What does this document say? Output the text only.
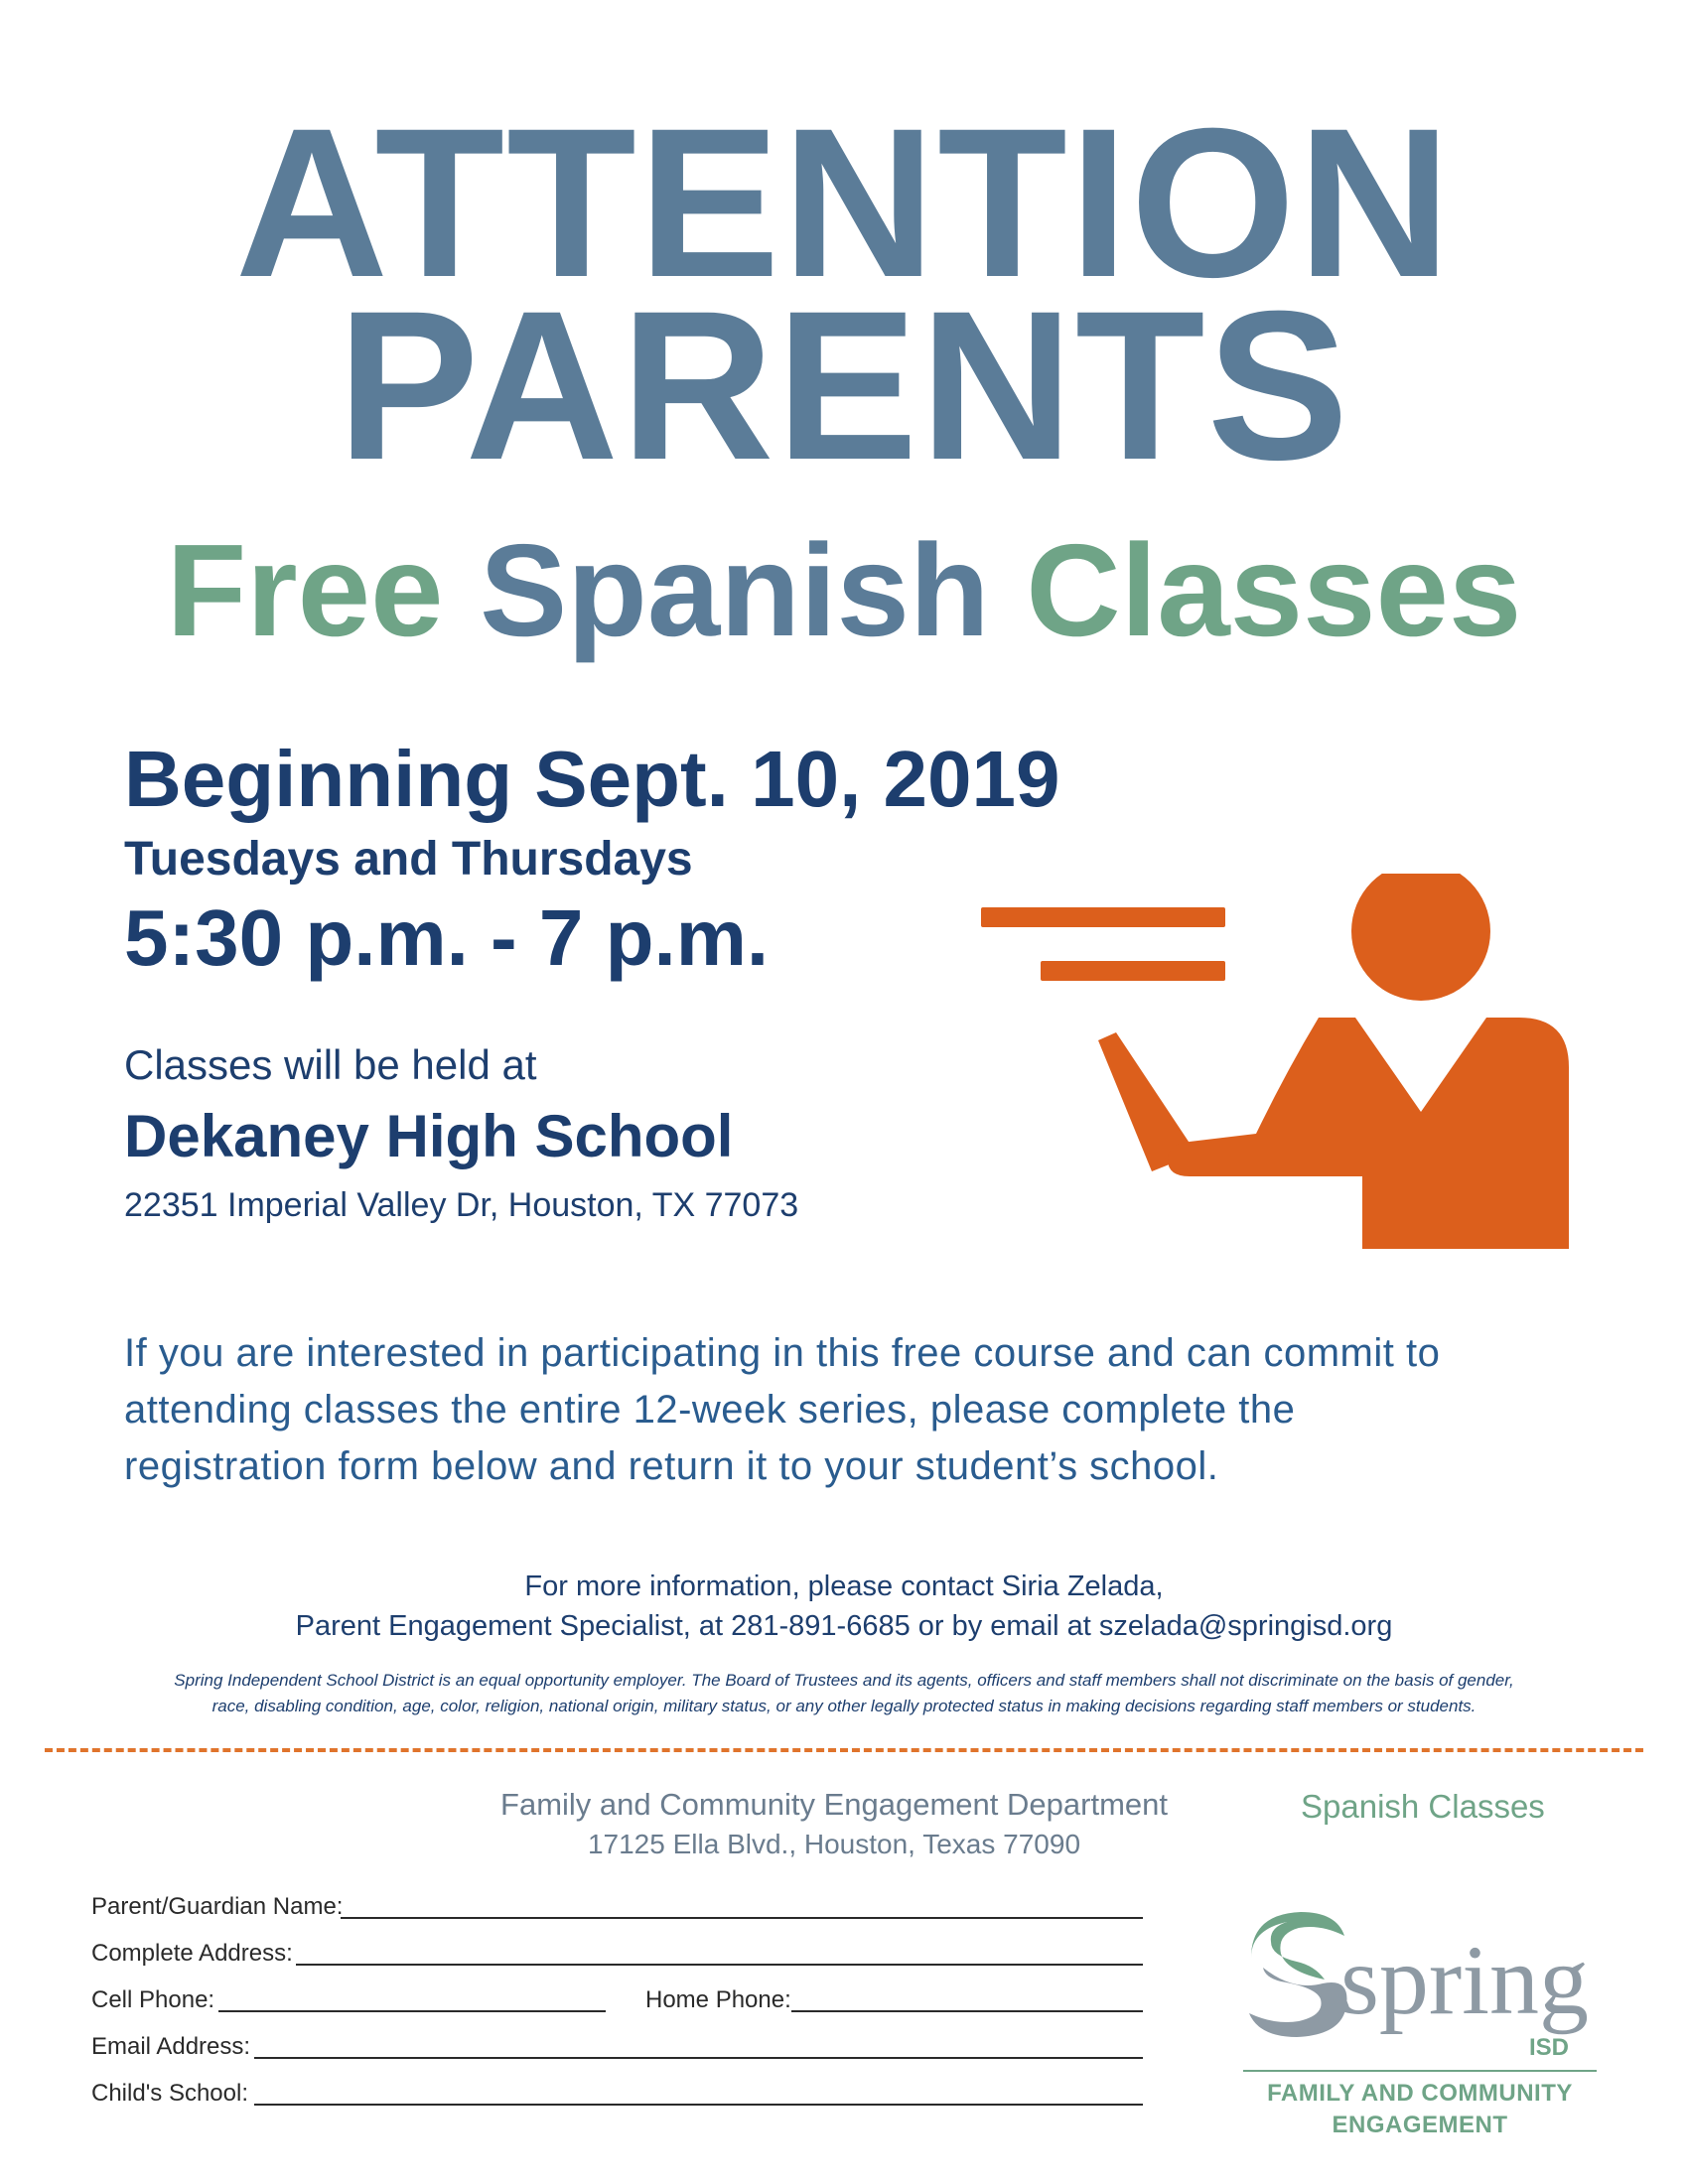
ATTENTION
PARENTS
Free Spanish Classes
Beginning Sept. 10, 2019
Tuesdays and Thursdays
5:30 p.m. - 7 p.m.
Classes will be held at
Dekaney High School
22351 Imperial Valley Dr, Houston, TX 77073
If you are interested in participating in this free course and can commit to
attending classes the entire 12-week series, please complete the
registration form below and return it to your student’s school.
For more information, please contact Siria Zelada,
Parent Engagement Specialist, at 281-891-6685 or by email at szelada@springisd.org
Spring Independent School District is an equal opportunity employer. The Board of Trustees and its agents, officers and staff members shall not discriminate on the basis of gender,
race, disabling condition, age, color, religion, national origin, military status, or any other legally protected status in making decisions regarding staff members or students.
Family and Community Engagement Department
17125 Ella Blvd., Houston, Texas 77090
Spanish Classes
Parent/Guardian Name:
Complete Address:
Cell Phone:	Home Phone:
Email Address:
Child's School:
spring
ISD
FAMILY AND COMMUNITY
ENGAGEMENT
